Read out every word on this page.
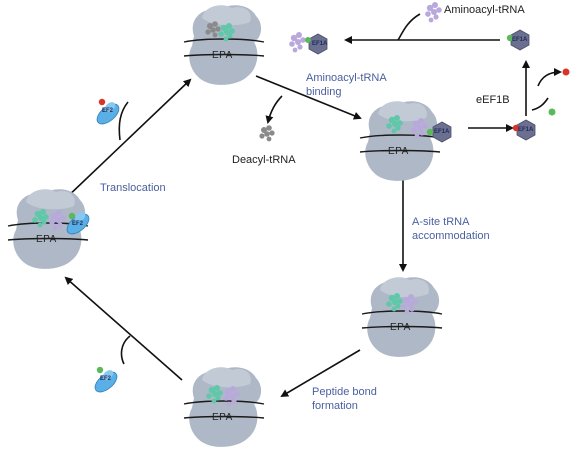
Aminoacyl-tRNA
Aminoacyl-tRNA
binding
Deacyl-tRNA
eEF1B
Translocation
A-site tRNA
accommodation
Peptide bond
formation
EPA
EPA
EPA
EPA
EPA
EF1A
EF1A
EF1A
EF1A
EF2
EF2
EF2
